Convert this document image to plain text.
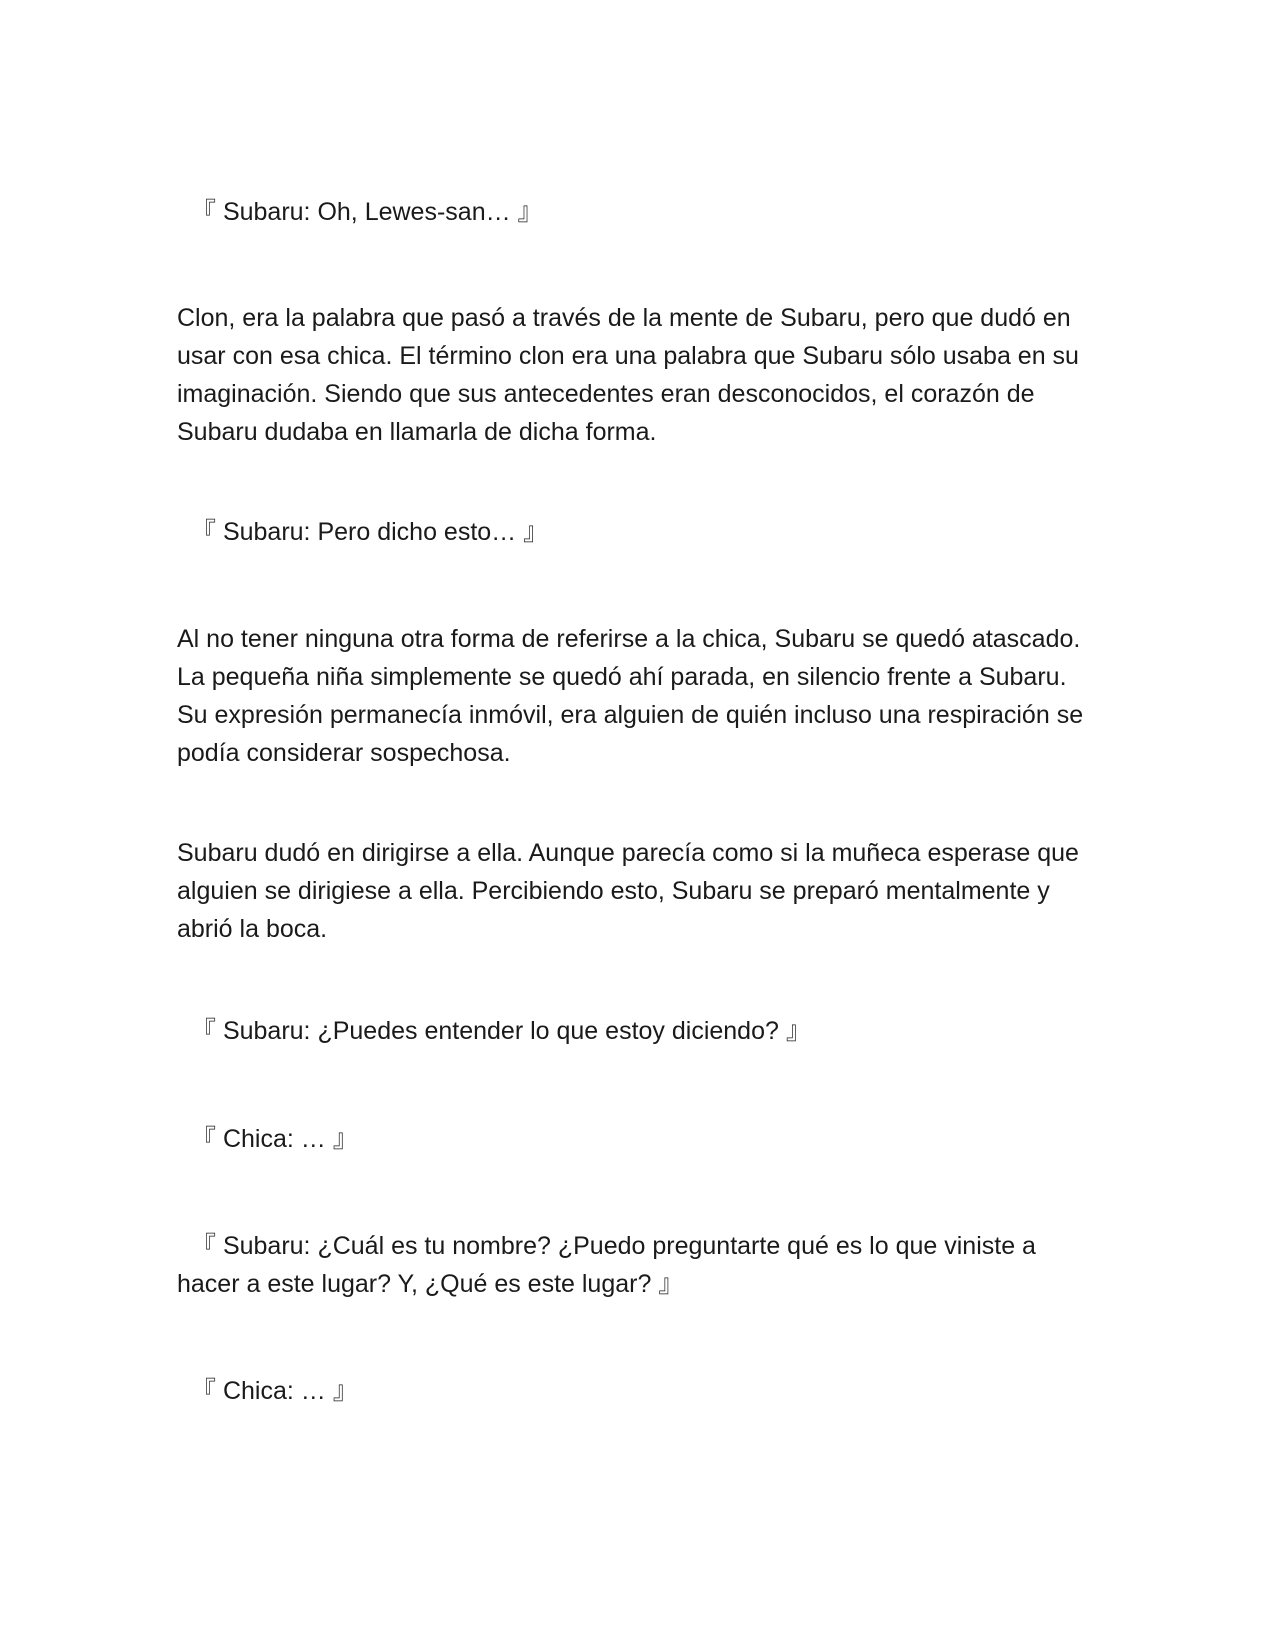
『 Subaru: Oh, Lewes-san… 』

Clon, era la palabra que pasó a través de la mente de Subaru, pero que dudó en usar con esa chica. El término clon era una palabra que Subaru sólo usaba en su imaginación. Siendo que sus antecedentes eran desconocidos, el corazón de Subaru dudaba en llamarla de dicha forma.

『 Subaru: Pero dicho esto… 』

Al no tener ninguna otra forma de referirse a la chica, Subaru se quedó atascado. La pequeña niña simplemente se quedó ahí parada, en silencio frente a Subaru. Su expresión permanecía inmóvil, era alguien de quién incluso una respiración se podía considerar sospechosa.

Subaru dudó en dirigirse a ella. Aunque parecía como si la muñeca esperase que alguien se dirigiese a ella. Percibiendo esto, Subaru se preparó mentalmente y abrió la boca.

『 Subaru: ¿Puedes entender lo que estoy diciendo? 』

『 Chica: … 』

『 Subaru: ¿Cuál es tu nombre? ¿Puedo preguntarte qué es lo que viniste a hacer a este lugar? Y, ¿Qué es este lugar? 』

『 Chica: … 』
